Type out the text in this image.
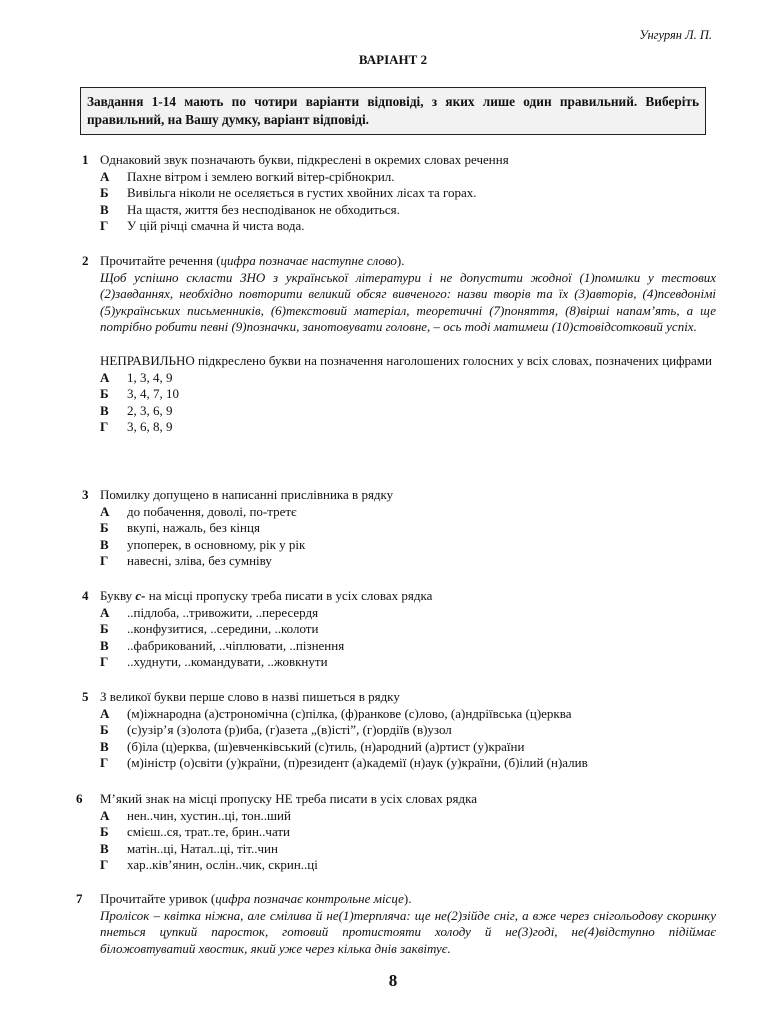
Унгурян Л. П.
ВАРІАНТ 2
Завдання 1-14 мають по чотири варіанти відповіді, з яких лише один правильний. Виберіть правильний, на Вашу думку, варіант відповіді.
1 Однаковий звук позначають букви, підкреслені в окремих словах речення
А	Пахне вітром і землею вогкий вітер-срібнокрил.
Б	Вивільга ніколи не оселяється в густих хвойних лісах та горах.
В	На щастя, життя без несподіванок не обходиться.
Г	У цій річці смачна й чиста вода.
2 Прочитайте речення (цифра позначає наступне слово).
Щоб успішно скласти ЗНО з української літератури і не допустити жодної (1)помилки у тестових (2)завданнях, необхідно повторити великий обсяг вивченого: назви творів та їх (3)авторів, (4)псевдонімі (5)українських письменників, (6)текстовий матеріал, теоретичні (7)поняття, (8)вірші напам’ять, а ще потрібно робити певні (9)позначки, занотовувати головне, – ось тоді матимеш (10)стовідсотковий успіх.
НЕПРАВИЛЬНО підкреслено букви на позначення наголошених голосних у всіх словах, позначених цифрами
А	1, 3, 4, 9
Б	3, 4, 7, 10
В	2, 3, 6, 9
Г	3, 6, 8, 9
3 Помилку допущено в написанні прислівника в рядку
А	до побачення, доволі, по-третє
Б	вкупі, нажаль, без кінця
В	упоперек, в основному, рік у рік
Г	навесні, зліва, без сумніву
4 Букву с- на місці пропуску треба писати в усіх словах рядка
А	..підлоба, ..тривожити, ..пересердя
Б	..конфузитися, ..середини, ..колоти
В	..фабрикований, ..чіплювати, ..пізнення
Г	..худнути, ..командувати, ..жовкнути
5 З великої букви перше слово в назві пишеться в рядку
А	(м)іжнародна (а)строномічна (с)пілка, (ф)ранкове (с)лово, (а)ндріївська (ц)ерква
Б	(с)узір’я (з)олота (р)иба, (г)азета „(в)істі”, (г)ордіїв (в)узол
В	(б)іла (ц)ерква, (ш)евченківський (с)тиль, (н)ародний (а)ртист (у)країни
Г	(м)іністр (о)світи (у)країни, (п)резидент (а)кадемії (н)аук (у)країни, (б)ілий (н)алив
6	М’який знак на місці пропуску НЕ треба писати в усіх словах рядка
А	нен..чин, хустин..ці, тон..ший
Б	смієш..ся, трат..те, брин..чати
В	матін..ці, Натал..ці, тіт..чин
Г	хар..ків’янин, ослін..чик, скрин..ці
7	Прочитайте уривок (цифра позначає контрольне місце).
Пролісок – квітка ніжна, але смілива й не(1)терпляча: ще не(2)зійде сніг, а вже через снігольодову скоринку пнеться цупкий паросток, готовий протистояти холоду й не(3)годі, не(4)відступно підіймає біложовтуватий хвостик, який уже через кілька днів заквітує.
8
